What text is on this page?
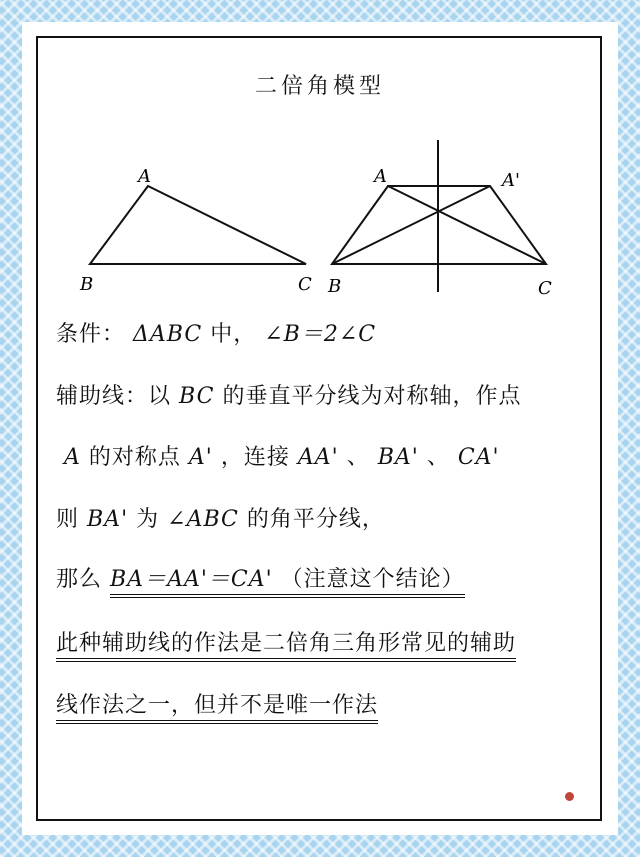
二倍角模型
A
B	C
A	A'
B	C
条件： ΔABC 中， ∠B＝2∠C
辅助线：以 BC 的垂直平分线为对称轴，作点
A 的对称点 A' ，连接 AA' 、 BA' 、 CA'
则 BA' 为 ∠ABC 的角平分线，
那么 BA＝AA'＝CA' （注意这个结论）
此种辅助线的作法是二倍角三角形常见的辅助
线作法之一，但并不是唯一作法
